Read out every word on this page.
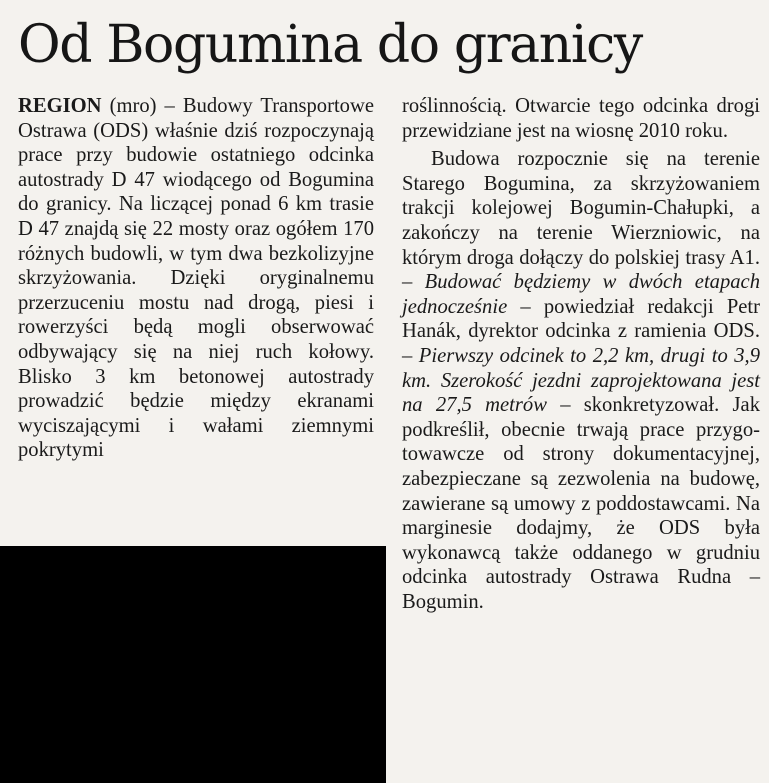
Od Bogumina do granicy

REGION (mro) – Budowy Transportowe Ostrawa (ODS) właśnie dziś rozpoczynają prace przy budowie ostatniego odcinka autostrady D 47 wiodącego od Bogumina do granicy. Na liczącej ponad 6 km trasie D 47 znajdą się 22 mosty oraz ogółem 170 różnych budowli, w tym dwa bezkolizyjne skrzyżowania. Dzięki oryginalnemu przerzuceniu mostu nad drogą, piesi i rowerzyści będą mogli obserwować odbywający się na niej ruch kołowy. Blisko 3 km betonowej autostrady prowadzić będzie między ekranami wyciszającymi i wałami ziemnymi pokrytymi

roślinnością. Otwarcie tego odcinka drogi przewidziane jest na wiosnę 2010 roku.

Budowa rozpocznie się na terenie Starego Bogumina, za skrzyżowaniem trakcji kolejowej Bogumin-Chałupki, a zakończy na terenie Wierzniowic, na którym droga dołączy do polskiej trasy A1. – Budować będziemy w dwóch etapach jednocześnie – powiedział redakcji Petr Hanák, dyrektor odcinka z ramienia ODS. – Pierwszy odcinek to 2,2 km, drugi to 3,9 km. Szerokość jezdni zaprojektowana jest na 27,5 metrów – skonkretyzował. Jak podkreślił, obecnie trwają prace przygotowawcze od strony dokumentacyjnej, zabezpieczane są zezwolenia na budowę, zawierane są umowy z poddostawcami. Na marginesie dodajmy, że ODS była wykonawcą także oddanego w grudniu odcinka autostrady Ostrawa Rudna – Bogumin.
